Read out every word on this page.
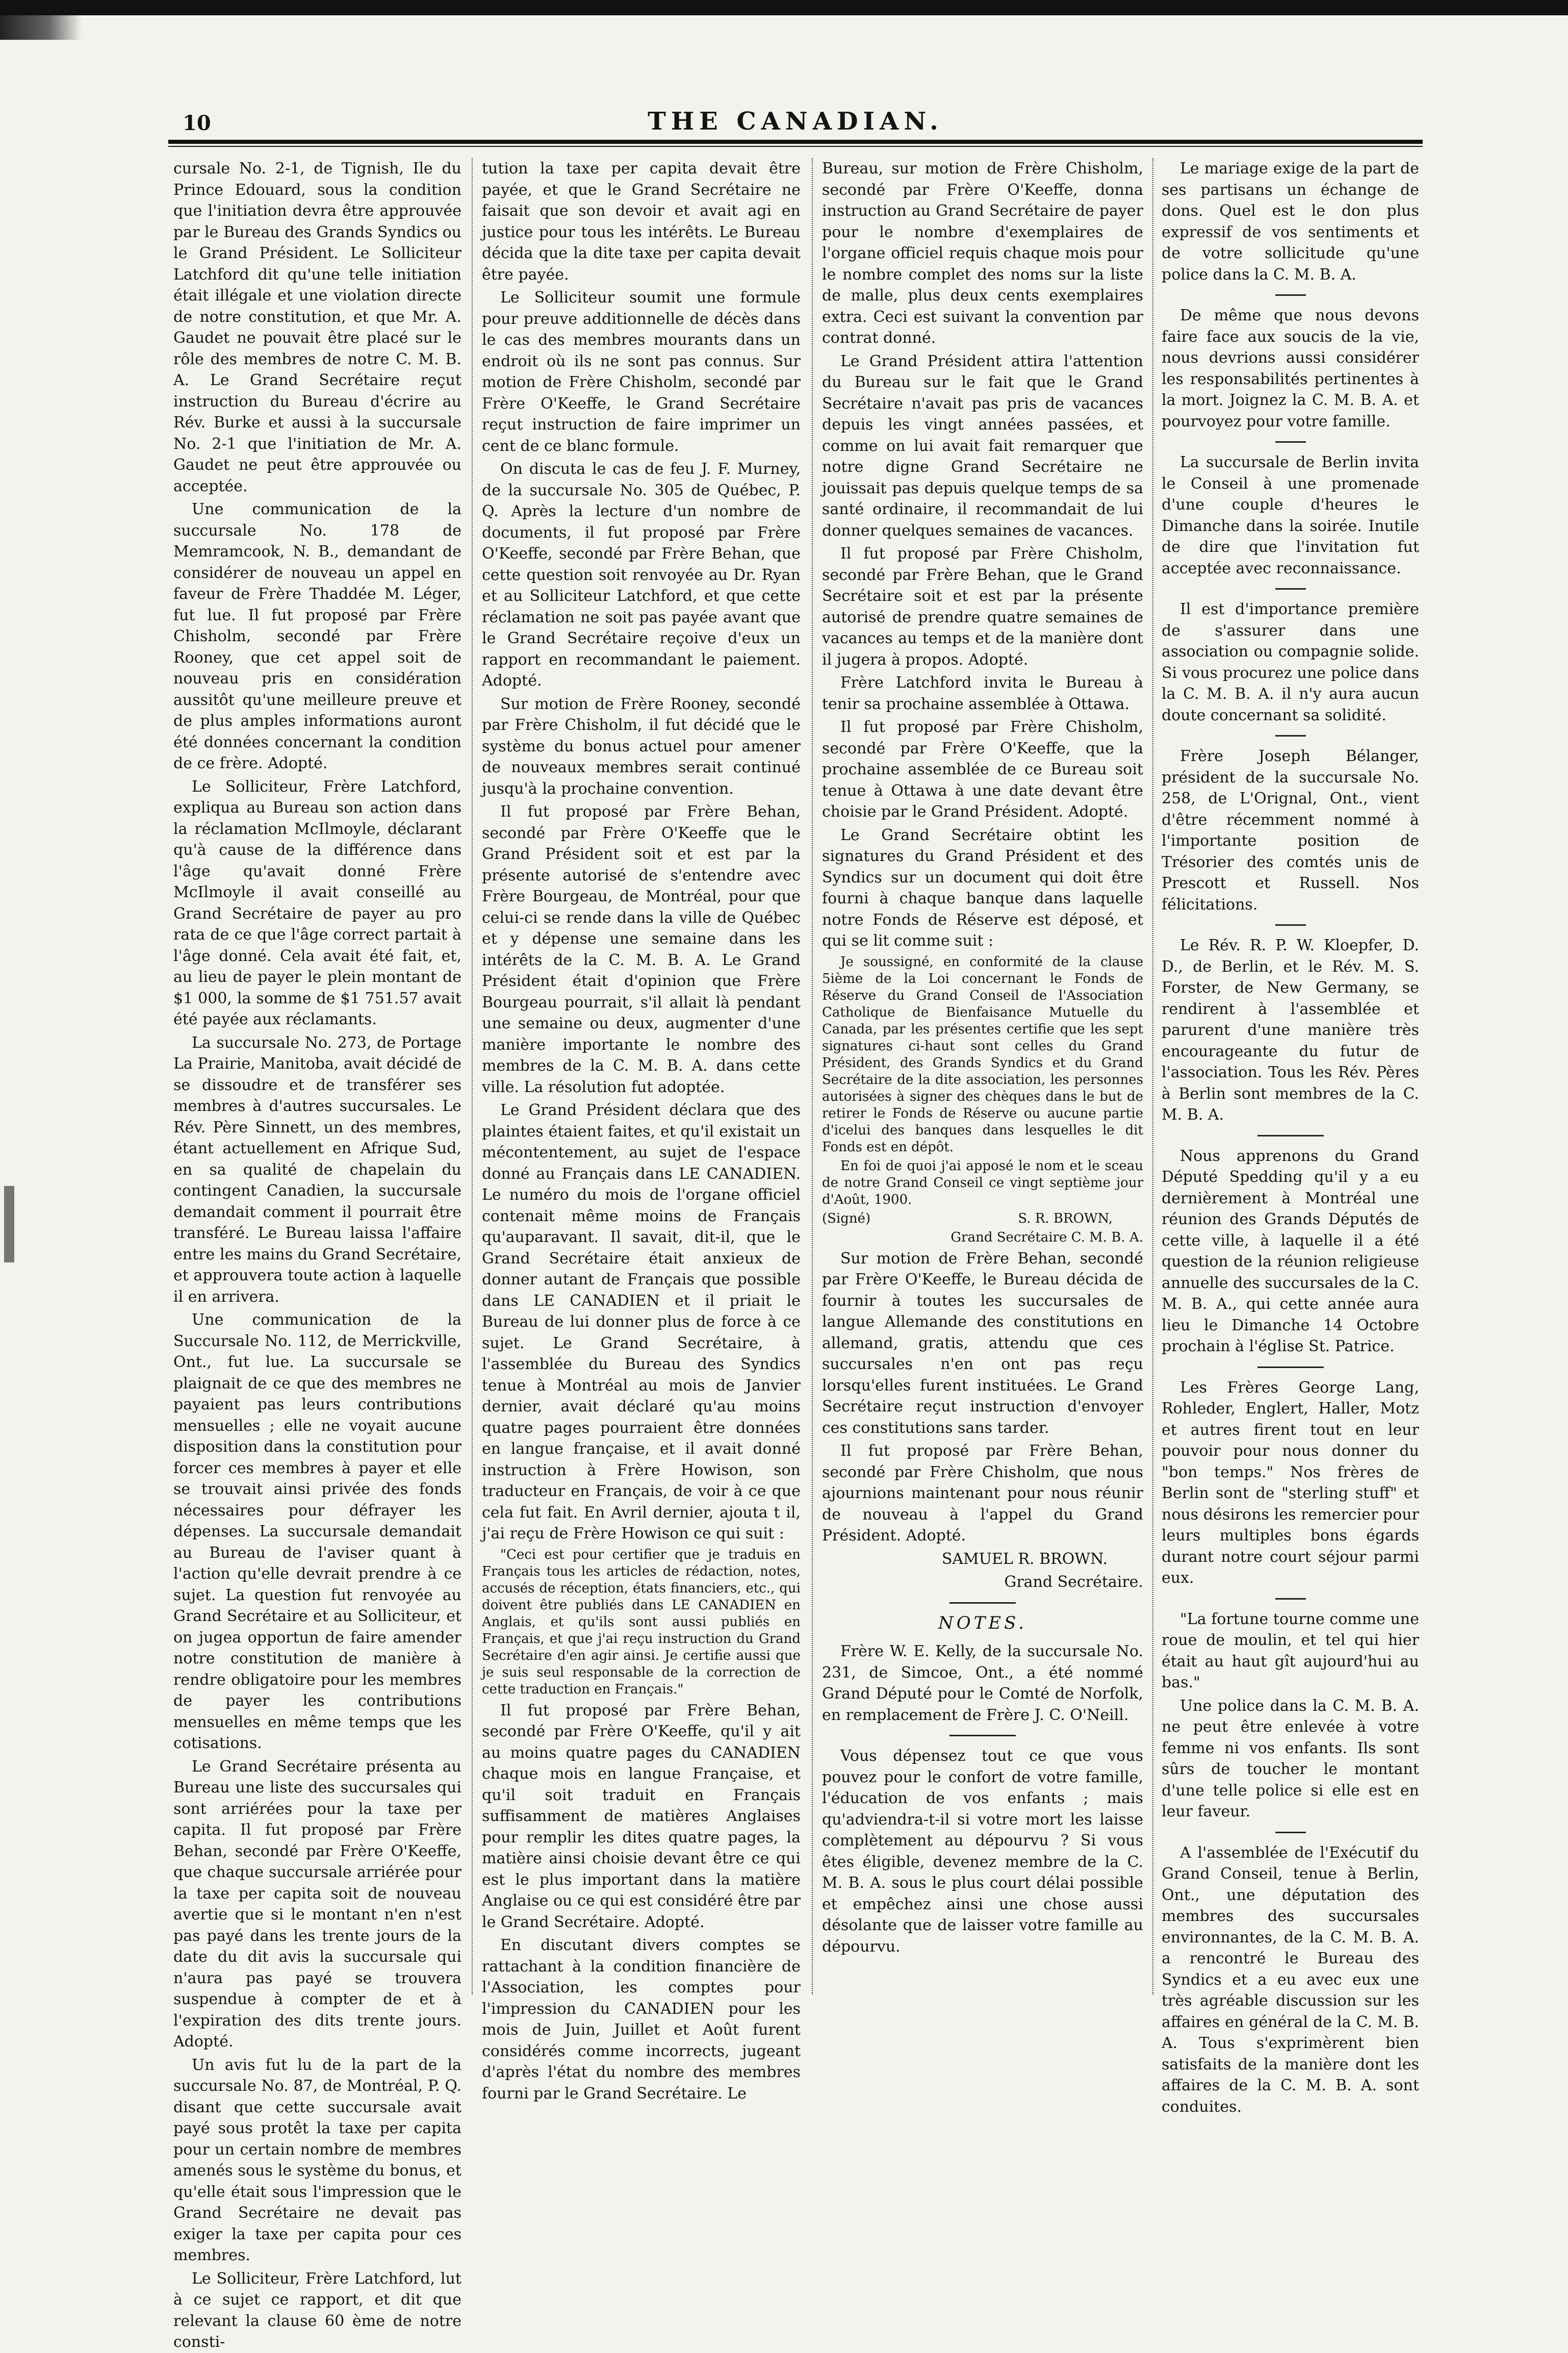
10	THE CANADIAN.

cursale No. 2-1, de Tignish, Ile du Prince Edouard, sous la condition que l'initiation devra être approuvée par le Bureau des Grands Syndics ou le Grand Président. Le Solliciteur Latchford dit qu'une telle initiation était illégale et une violation directe de notre constitution, et que Mr. A. Gaudet ne pouvait être placé sur le rôle des membres de notre C. M. B. A. Le Grand Secrétaire reçut instruction du Bureau d'écrire au Rév. Burke et aussi à la succursale No. 2-1 que l'initiation de Mr. A. Gaudet ne peut être approuvée ou acceptée.

Une communication de la succursale No. 178 de Memramcook, N. B., demandant de considérer de nouveau un appel en faveur de Frère Thaddée M. Léger, fut lue. Il fut proposé par Frère Chisholm, secondé par Frère Rooney, que cet appel soit de nouveau pris en considération aussitôt qu'une meilleure preuve et de plus amples informations auront été données concernant la condition de ce frère. Adopté.

Le Solliciteur, Frère Latchford, expliqua au Bureau son action dans la réclamation McIlmoyle, déclarant qu'à cause de la différence dans l'âge qu'avait donné Frère McIlmoyle il avait conseillé au Grand Secrétaire de payer au pro rata de ce que l'âge correct partait à l'âge donné. Cela avait été fait, et, au lieu de payer le plein montant de $1 000, la somme de $1 751.57 avait été payée aux réclamants.

La succursale No. 273, de Portage La Prairie, Manitoba, avait décidé de se dissoudre et de transférer ses membres à d'autres succursales. Le Rév. Père Sinnett, un des membres, étant actuellement en Afrique Sud, en sa qualité de chapelain du contingent Canadien, la succursale demandait comment il pourrait être transféré. Le Bureau laissa l'affaire entre les mains du Grand Secrétaire, et approuvera toute action à laquelle il en arrivera.

Une communication de la Succursale No. 112, de Merrickville, Ont., fut lue. La succursale se plaignait de ce que des membres ne payaient pas leurs contributions mensuelles ; elle ne voyait aucune disposition dans la constitution pour forcer ces membres à payer et elle se trouvait ainsi privée des fonds nécessaires pour défrayer les dépenses. La succursale demandait au Bureau de l'aviser quant à l'action qu'elle devrait prendre à ce sujet. La question fut renvoyée au Grand Secrétaire et au Solliciteur, et on jugea opportun de faire amender notre constitution de manière à rendre obligatoire pour les membres de payer les contributions mensuelles en même temps que les cotisations.

Le Grand Secrétaire présenta au Bureau une liste des succursales qui sont arriérées pour la taxe per capita. Il fut proposé par Frère Behan, secondé par Frère O'Keeffe, que chaque succursale arriérée pour la taxe per capita soit de nouveau avertie que si le montant n'en n'est pas payé dans les trente jours de la date du dit avis la succursale qui n'aura pas payé se trouvera suspendue à compter de et à l'expiration des dits trente jours. Adopté.

Un avis fut lu de la part de la succursale No. 87, de Montréal, P. Q. disant que cette succursale avait payé sous protêt la taxe per capita pour un certain nombre de membres amenés sous le système du bonus, et qu'elle était sous l'impression que le Grand Secrétaire ne devait pas exiger la taxe per capita pour ces membres.

Le Solliciteur, Frère Latchford, lut à ce sujet ce rapport, et dit que relevant la clause 60 ème de notre consti-

tution la taxe per capita devait être payée, et que le Grand Secrétaire ne faisait que son devoir et avait agi en justice pour tous les intérêts. Le Bureau décida que la dite taxe per capita devait être payée.

Le Solliciteur soumit une formule pour preuve additionnelle de décès dans le cas des membres mourants dans un endroit où ils ne sont pas connus. Sur motion de Frère Chisholm, secondé par Frère O'Keeffe, le Grand Secrétaire reçut instruction de faire imprimer un cent de ce blanc formule.

On discuta le cas de feu J. F. Murney, de la succursale No. 305 de Québec, P. Q. Après la lecture d'un nombre de documents, il fut proposé par Frère O'Keeffe, secondé par Frère Behan, que cette question soit renvoyée au Dr. Ryan et au Solliciteur Latchford, et que cette réclamation ne soit pas payée avant que le Grand Secrétaire reçoive d'eux un rapport en recommandant le paiement. Adopté.

Sur motion de Frère Rooney, secondé par Frère Chisholm, il fut décidé que le système du bonus actuel pour amener de nouveaux membres serait continué jusqu'à la prochaine convention.

Il fut proposé par Frère Behan, secondé par Frère O'Keeffe que le Grand Président soit et est par la présente autorisé de s'entendre avec Frère Bourgeau, de Montréal, pour que celui-ci se rende dans la ville de Québec et y dépense une semaine dans les intérêts de la C. M. B. A. Le Grand Président était d'opinion que Frère Bourgeau pourrait, s'il allait là pendant une semaine ou deux, augmenter d'une manière importante le nombre des membres de la C. M. B. A. dans cette ville. La résolution fut adoptée.

Le Grand Président déclara que des plaintes étaient faites, et qu'il existait un mécontentement, au sujet de l'espace donné au Français dans LE CANADIEN. Le numéro du mois de l'organe officiel contenait même moins de Français qu'auparavant. Il savait, dit-il, que le Grand Secrétaire était anxieux de donner autant de Français que possible dans LE CANADIEN et il priait le Bureau de lui donner plus de force à ce sujet. Le Grand Secrétaire, à l'assemblée du Bureau des Syndics tenue à Montréal au mois de Janvier dernier, avait déclaré qu'au moins quatre pages pourraient être données en langue française, et il avait donné instruction à Frère Howison, son traducteur en Français, de voir à ce que cela fut fait. En Avril dernier, ajouta t il, j'ai reçu de Frère Howison ce qui suit :

"Ceci est pour certifier que je traduis en Français tous les articles de rédaction, notes, accusés de réception, états financiers, etc., qui doivent être publiés dans LE CANADIEN en Anglais, et qu'ils sont aussi publiés en Français, et que j'ai reçu instruction du Grand Secrétaire d'en agir ainsi. Je certifie aussi que je suis seul responsable de la correction de cette traduction en Français."

Il fut proposé par Frère Behan, secondé par Frère O'Keeffe, qu'il y ait au moins quatre pages du CANADIEN chaque mois en langue Française, et qu'il soit traduit en Français suffisamment de matières Anglaises pour remplir les dites quatre pages, la matière ainsi choisie devant être ce qui est le plus important dans la matière Anglaise ou ce qui est considéré être par le Grand Secrétaire. Adopté.

En discutant divers comptes se rattachant à la condition financière de l'Association, les comptes pour l'impression du CANADIEN pour les mois de Juin, Juillet et Août furent considérés comme incorrects, jugeant d'après l'état du nombre des membres fourni par le Grand Secrétaire. Le

Bureau, sur motion de Frère Chisholm, secondé par Frère O'Keeffe, donna instruction au Grand Secrétaire de payer pour le nombre d'exemplaires de l'organe officiel requis chaque mois pour le nombre complet des noms sur la liste de malle, plus deux cents exemplaires extra. Ceci est suivant la convention par contrat donné.

Le Grand Président attira l'attention du Bureau sur le fait que le Grand Secrétaire n'avait pas pris de vacances depuis les vingt années passées, et comme on lui avait fait remarquer que notre digne Grand Secrétaire ne jouissait pas depuis quelque temps de sa santé ordinaire, il recommandait de lui donner quelques semaines de vacances.

Il fut proposé par Frère Chisholm, secondé par Frère Behan, que le Grand Secrétaire soit et est par la présente autorisé de prendre quatre semaines de vacances au temps et de la manière dont il jugera à propos. Adopté.

Frère Latchford invita le Bureau à tenir sa prochaine assemblée à Ottawa.

Il fut proposé par Frère Chisholm, secondé par Frère O'Keeffe, que la prochaine assemblée de ce Bureau soit tenue à Ottawa à une date devant être choisie par le Grand Président. Adopté.

Le Grand Secrétaire obtint les signatures du Grand Président et des Syndics sur un document qui doit être fourni à chaque banque dans laquelle notre Fonds de Réserve est déposé, et qui se lit comme suit :

Je soussigné, en conformité de la clause 5ième de la Loi concernant le Fonds de Réserve du Grand Conseil de l'Association Catholique de Bienfaisance Mutuelle du Canada, par les présentes certifie que les sept signatures ci-haut sont celles du Grand Président, des Grands Syndics et du Grand Secrétaire de la dite association, les personnes autorisées à signer des chèques dans le but de retirer le Fonds de Réserve ou aucune partie d'icelui des banques dans lesquelles le dit Fonds est en dépôt.

En foi de quoi j'ai apposé le nom et le sceau de notre Grand Conseil ce vingt septième jour d'Août, 1900.

(Signé)	S. R. BROWN,

Grand Secrétaire C. M. B. A.

Sur motion de Frère Behan, secondé par Frère O'Keeffe, le Bureau décida de fournir à toutes les succursales de langue Allemande des constitutions en allemand, gratis, attendu que ces succursales n'en ont pas reçu lorsqu'elles furent instituées. Le Grand Secrétaire reçut instruction d'envoyer ces constitutions sans tarder.

Il fut proposé par Frère Behan, secondé par Frère Chisholm, que nous ajournions maintenant pour nous réunir de nouveau à l'appel du Grand Président. Adopté.

SAMUEL R. BROWN.

Grand Secrétaire.

NOTES.

Frère W. E. Kelly, de la succursale No. 231, de Simcoe, Ont., a été nommé Grand Député pour le Comté de Norfolk, en remplacement de Frère J. C. O'Neill.

Vous dépensez tout ce que vous pouvez pour le confort de votre famille, l'éducation de vos enfants ; mais qu'adviendra-t-il si votre mort les laisse complètement au dépourvu ? Si vous êtes éligible, devenez membre de la C. M. B. A. sous le plus court délai possible et empêchez ainsi une chose aussi désolante que de laisser votre famille au dépourvu.

Le mariage exige de la part de ses partisans un échange de dons. Quel est le don plus expressif de vos sentiments et de votre sollicitude qu'une police dans la C. M. B. A.

De même que nous devons faire face aux soucis de la vie, nous devrions aussi considérer les responsabilités pertinentes à la mort. Joignez la C. M. B. A. et pourvoyez pour votre famille.

La succursale de Berlin invita le Conseil à une promenade d'une couple d'heures le Dimanche dans la soirée. Inutile de dire que l'invitation fut acceptée avec reconnaissance.

Il est d'importance première de s'assurer dans une association ou compagnie solide. Si vous procurez une police dans la C. M. B. A. il n'y aura aucun doute concernant sa solidité.

Frère Joseph Bélanger, président de la succursale No. 258, de L'Orignal, Ont., vient d'être récemment nommé à l'importante position de Trésorier des comtés unis de Prescott et Russell. Nos félicitations.

Le Rév. R. P. W. Kloepfer, D. D., de Berlin, et le Rév. M. S. Forster, de New Germany, se rendirent à l'assemblée et parurent d'une manière très encourageante du futur de l'association. Tous les Rév. Pères à Berlin sont membres de la C. M. B. A.

Nous apprenons du Grand Député Spedding qu'il y a eu dernièrement à Montréal une réunion des Grands Députés de cette ville, à laquelle il a été question de la réunion religieuse annuelle des succursales de la C. M. B. A., qui cette année aura lieu le Dimanche 14 Octobre prochain à l'église St. Patrice.

Les Frères George Lang, Rohleder, Englert, Haller, Motz et autres firent tout en leur pouvoir pour nous donner du "bon temps." Nos frères de Berlin sont de "sterling stuff" et nous désirons les remercier pour leurs multiples bons égards durant notre court séjour parmi eux.

"La fortune tourne comme une roue de moulin, et tel qui hier était au haut gît aujourd'hui au bas."

Une police dans la C. M. B. A. ne peut être enlevée à votre femme ni vos enfants. Ils sont sûrs de toucher le montant d'une telle police si elle est en leur faveur.

A l'assemblée de l'Exécutif du Grand Conseil, tenue à Berlin, Ont., une députation des membres des succursales environnantes, de la C. M. B. A. a rencontré le Bureau des Syndics et a eu avec eux une très agréable discussion sur les affaires en général de la C. M. B. A. Tous s'exprimèrent bien satisfaits de la manière dont les affaires de la C. M. B. A. sont conduites.
